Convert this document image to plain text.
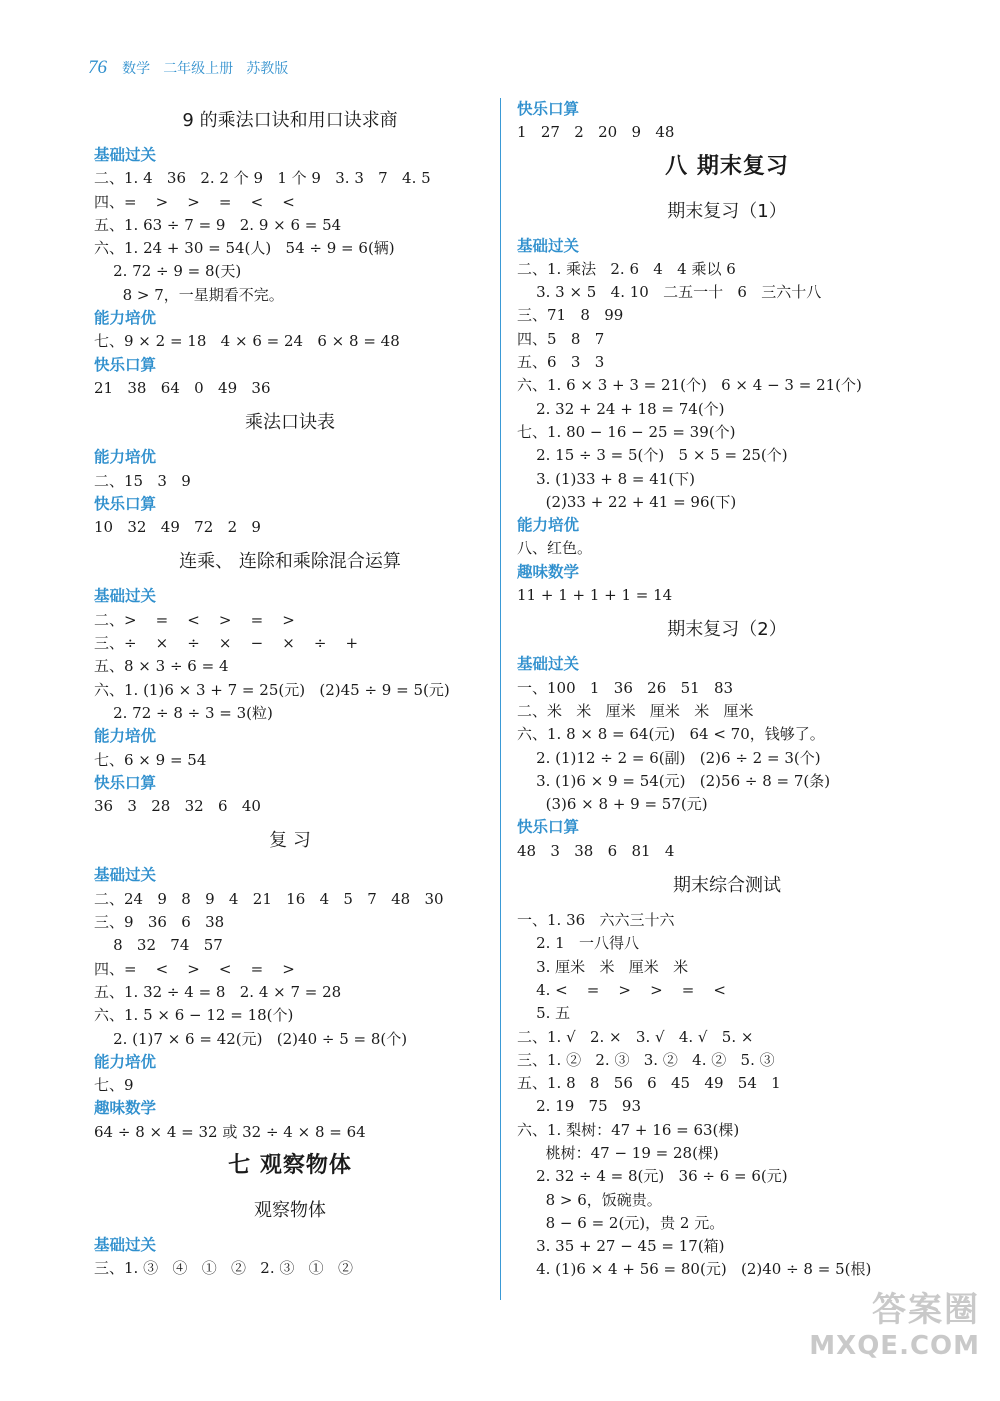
76 数学 二年级上册 苏教版
9 的乘法口诀和用口诀求商
基础过关
二、1. 4   36   2. 2 个 9   1 个 9   3. 3   7   4. 5
四、=    >    >    =    <    <
五、1. 63 ÷ 7 = 9   2. 9 × 6 = 54
六、1. 24 + 30 = 54(人)   54 ÷ 9 = 6(辆)
2. 72 ÷ 9 = 8(天)
8 > 7，一星期看不完。
能力培优
七、9 × 2 = 18   4 × 6 = 24   6 × 8 = 48
快乐口算
21   38   64   0   49   36
乘法口诀表
能力培优
二、15   3   9
快乐口算
10   32   49   72   2   9
连乘、 连除和乘除混合运算
基础过关
二、>    =    <    >    =    >
三、÷    ×    ÷    ×    −    ×    ÷    +
五、8 × 3 ÷ 6 = 4
六、1. (1)6 × 3 + 7 = 25(元)   (2)45 ÷ 9 = 5(元)
2. 72 ÷ 8 ÷ 3 = 3(粒)
能力培优
七、6 × 9 = 54
快乐口算
36   3   28   32   6   40
复 习
基础过关
二、24   9   8   9   4   21   16   4   5   7   48   30
三、9   36   6   38
8   32   74   57
四、=    <    >    <    =    >
五、1. 32 ÷ 4 = 8   2. 4 × 7 = 28
六、1. 5 × 6 − 12 = 18(个)
2. (1)7 × 6 = 42(元)   (2)40 ÷ 5 = 8(个)
能力培优
七、9
趣味数学
64 ÷ 8 × 4 = 32 或 32 ÷ 4 × 8 = 64
七 观察物体
观察物体
基础过关
三、1. ③   ④   ①   ②   2. ③   ①   ②
快乐口算
1   27   2   20   9   48
八 期末复习
期末复习（1）
基础过关
二、1. 乘法   2. 6   4   4 乘以 6
3. 3 × 5   4. 10   二五一十   6   三六十八
三、71   8   99
四、5   8   7
五、6   3   3
六、1. 6 × 3 + 3 = 21(个)   6 × 4 − 3 = 21(个)
2. 32 + 24 + 18 = 74(个)
七、1. 80 − 16 − 25 = 39(个)
2. 15 ÷ 3 = 5(个)   5 × 5 = 25(个)
3. (1)33 + 8 = 41(下)
(2)33 + 22 + 41 = 96(下)
能力培优
八、红色。
趣味数学
11 + 1 + 1 + 1 = 14
期末复习（2）
基础过关
一、100   1   36   26   51   83
二、米   米   厘米   厘米   米   厘米
六、1. 8 × 8 = 64(元)   64 < 70，钱够了。
2. (1)12 ÷ 2 = 6(副)   (2)6 ÷ 2 = 3(个)
3. (1)6 × 9 = 54(元)   (2)56 ÷ 8 = 7(条)
(3)6 × 8 + 9 = 57(元)
快乐口算
48   3   38   6   81   4
期末综合测试
一、1. 36   六六三十六
2. 1   一八得八
3. 厘米   米   厘米   米
4. <    =    >    >    =    <
5. 五
二、1. √   2. ×   3. √   4. √   5. ×
三、1. ②   2. ③   3. ②   4. ②   5. ③
五、1. 8   8   56   6   45   49   54   1
2. 19   75   93
六、1. 梨树：47 + 16 = 63(棵)
桃树：47 − 19 = 28(棵)
2. 32 ÷ 4 = 8(元)   36 ÷ 6 = 6(元)
8 > 6，饭碗贵。
8 − 6 = 2(元)，贵 2 元。
3. 35 + 27 − 45 = 17(箱)
4. (1)6 × 4 + 56 = 80(元)   (2)40 ÷ 8 = 5(根)
答案圈
MXQE.COM
